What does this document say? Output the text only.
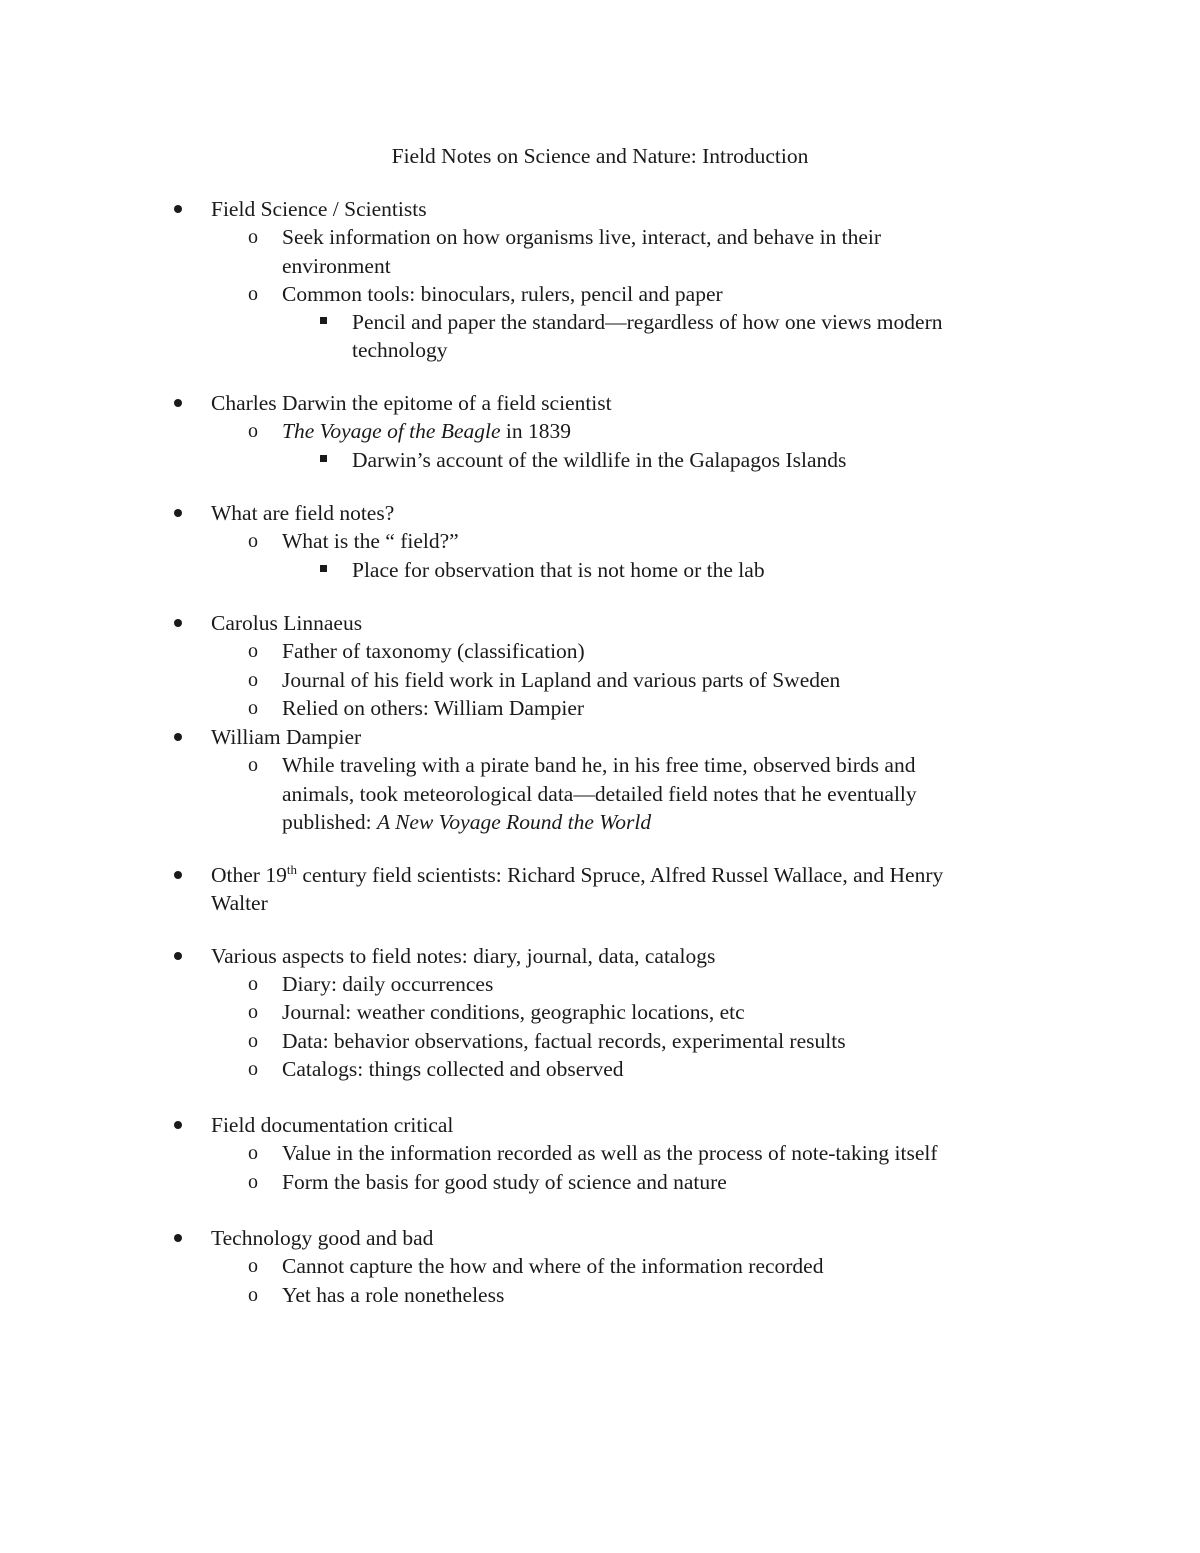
Field Notes on Science and Nature: Introduction
Field Science / Scientists
o Seek information on how organisms live, interact, and behave in their
environment
o Common tools: binoculars, rulers, pencil and paper
Pencil and paper the standard—regardless of how one views modern
technology
Charles Darwin the epitome of a field scientist
o The Voyage of the Beagle in 1839
Darwin’s account of the wildlife in the Galapagos Islands
What are field notes?
o What is the “ field?”
Place for observation that is not home or the lab
Carolus Linnaeus
o Father of taxonomy (classification)
o Journal of his field work in Lapland and various parts of Sweden
o Relied on others: William Dampier
William Dampier
o While traveling with a pirate band he, in his free time, observed birds and
animals, took meteorological data—detailed field notes that he eventually
published: A New Voyage Round the World
Other 19th century field scientists: Richard Spruce, Alfred Russel Wallace, and Henry
Walter
Various aspects to field notes: diary, journal, data, catalogs
o Diary: daily occurrences
o Journal: weather conditions, geographic locations, etc
o Data: behavior observations, factual records, experimental results
o Catalogs: things collected and observed
Field documentation critical
o Value in the information recorded as well as the process of note-taking itself
o Form the basis for good study of science and nature
Technology good and bad
o Cannot capture the how and where of the information recorded
o Yet has a role nonetheless
